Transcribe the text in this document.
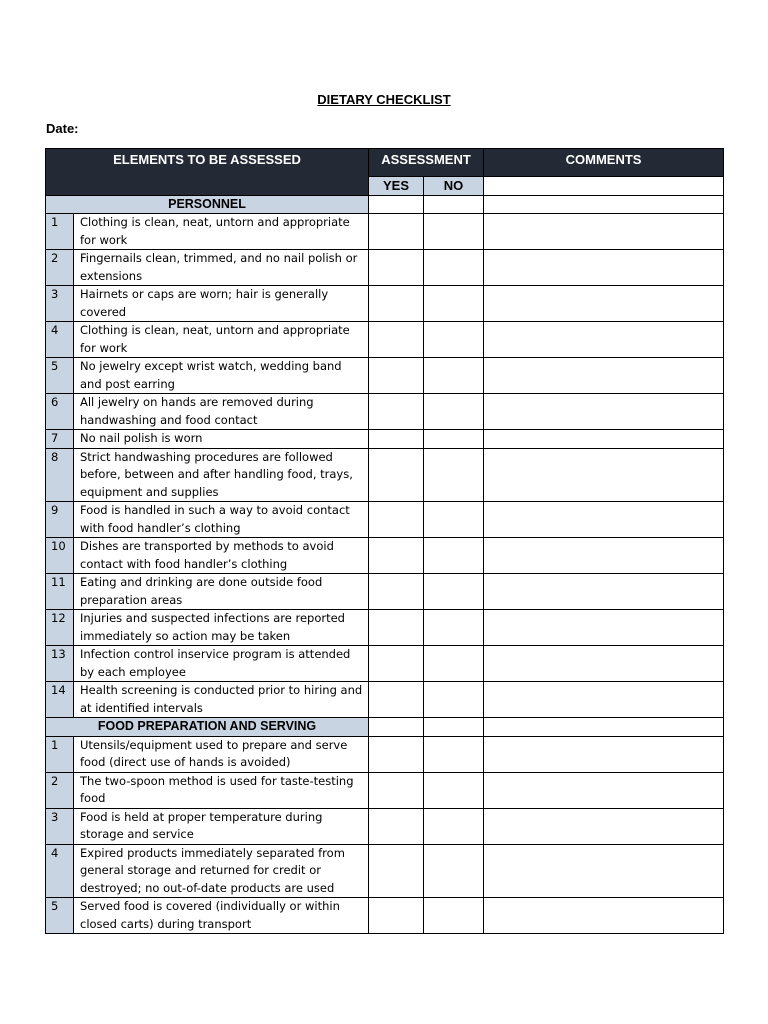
DIETARY CHECKLIST
Date:
ELEMENTS TO BE ASSESSED		ASSESSMENT		COMMENTS
		YES	NO	
PERSONNEL				
1	Clothing is clean, neat, untorn and appropriate for work			
2	Fingernails clean, trimmed, and no nail polish or extensions			
3	Hairnets or caps are worn; hair is generally covered			
4	Clothing is clean, neat, untorn and appropriate for work			
5	No jewelry except wrist watch, wedding band and post earring			
6	All jewelry on hands are removed during handwashing and food contact			
7	No nail polish is worn			
8	Strict handwashing procedures are followed before, between and after handling food, trays, equipment and supplies			
9	Food is handled in such a way to avoid contact with food handler’s clothing			
10	Dishes are transported by methods to avoid contact with food handler’s clothing			
11	Eating and drinking are done outside food preparation areas			
12	Injuries and suspected infections are reported immediately so action may be taken			
13	Infection control inservice program is attended by each employee			
14	Health screening is conducted prior to hiring and at identified intervals			
FOOD PREPARATION AND SERVING				
1	Utensils/equipment used to prepare and serve food (direct use of hands is avoided)			
2	The two-spoon method is used for taste-testing food			
3	Food is held at proper temperature during storage and service			
4	Expired products immediately separated from general storage and returned for credit or destroyed; no out-of-date products are used			
5	Served food is covered (individually or within closed carts) during transport			
